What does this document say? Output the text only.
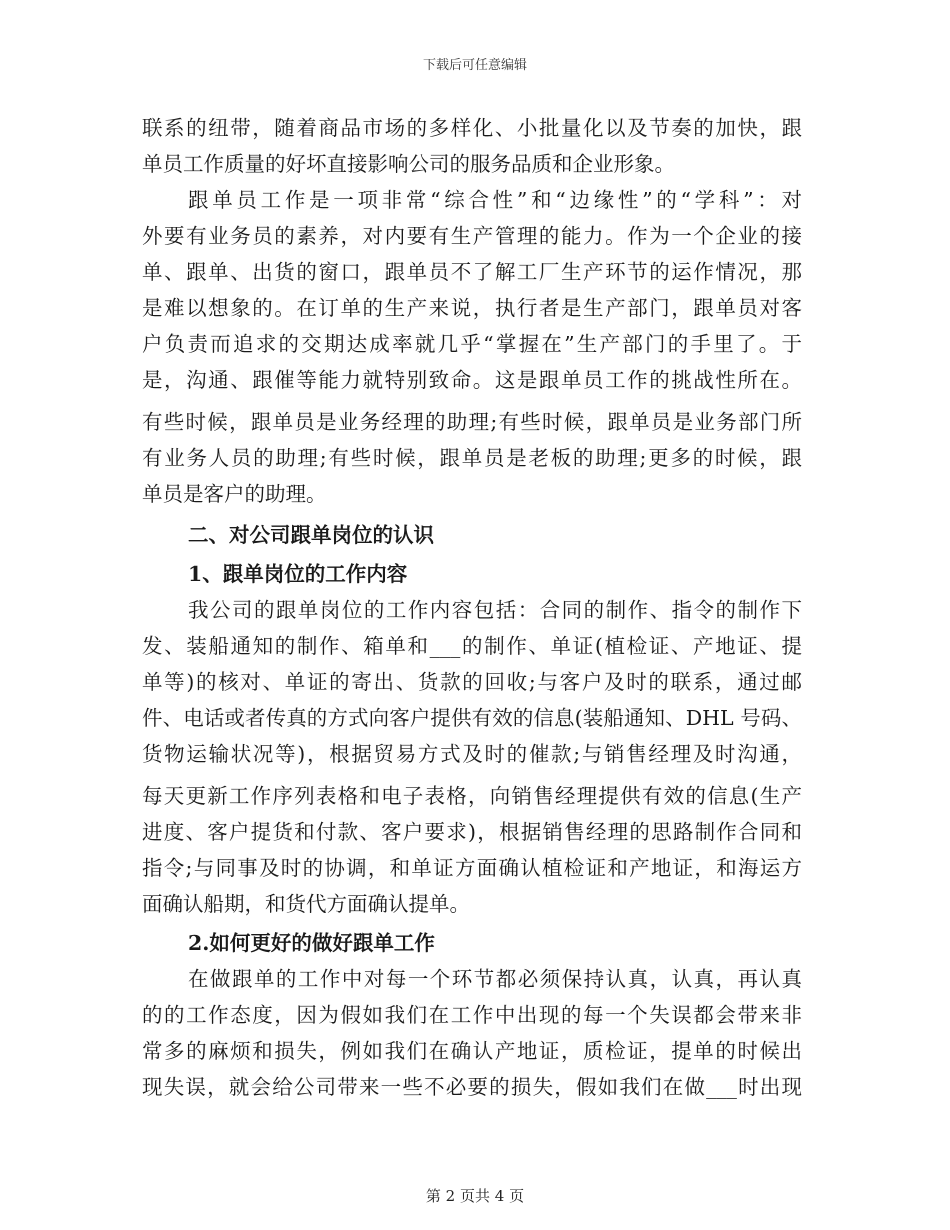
下载后可任意编辑

联系的纽带，随着商品市场的多样化、小批量化以及节奏的加快，跟

单员工作质量的好坏直接影响公司的服务品质和企业形象。

跟单员工作是一项非常“综合性”和“边缘性”的“学科”：对

外要有业务员的素养，对内要有生产管理的能力。作为一个企业的接

单、跟单、出货的窗口，跟单员不了解工厂生产环节的运作情况，那

是难以想象的。在订单的生产来说，执行者是生产部门，跟单员对客

户负责而追求的交期达成率就几乎“掌握在”生产部门的手里了。于

是，沟通、跟催等能力就特别致命。这是跟单员工作的挑战性所在。

有些时候，跟单员是业务经理的助理;有些时候，跟单员是业务部门所

有业务人员的助理;有些时候，跟单员是老板的助理;更多的时候，跟

单员是客户的助理。

二、对公司跟单岗位的认识

1、跟单岗位的工作内容

我公司的跟单岗位的工作内容包括：合同的制作、指令的制作下

发、装船通知的制作、箱单和___的制作、单证(植检证、产地证、提

单等)的核对、单证的寄出、货款的回收;与客户及时的联系，通过邮

件、电话或者传真的方式向客户提供有效的信息(装船通知、DHL 号码、

货物运输状况等)，根据贸易方式及时的催款;与销售经理及时沟通，

每天更新工作序列表格和电子表格，向销售经理提供有效的信息(生产

进度、客户提货和付款、客户要求)，根据销售经理的思路制作合同和

指令;与同事及时的协调，和单证方面确认植检证和产地证，和海运方

面确认船期，和货代方面确认提单。

2.如何更好的做好跟单工作

在做跟单的工作中对每一个环节都必须保持认真，认真，再认真

的的工作态度，因为假如我们在工作中出现的每一个失误都会带来非

常多的麻烦和损失，例如我们在确认产地证，质检证，提单的时候出

现失误，就会给公司带来一些不必要的损失，假如我们在做___时出现

第 2 页共 4 页
